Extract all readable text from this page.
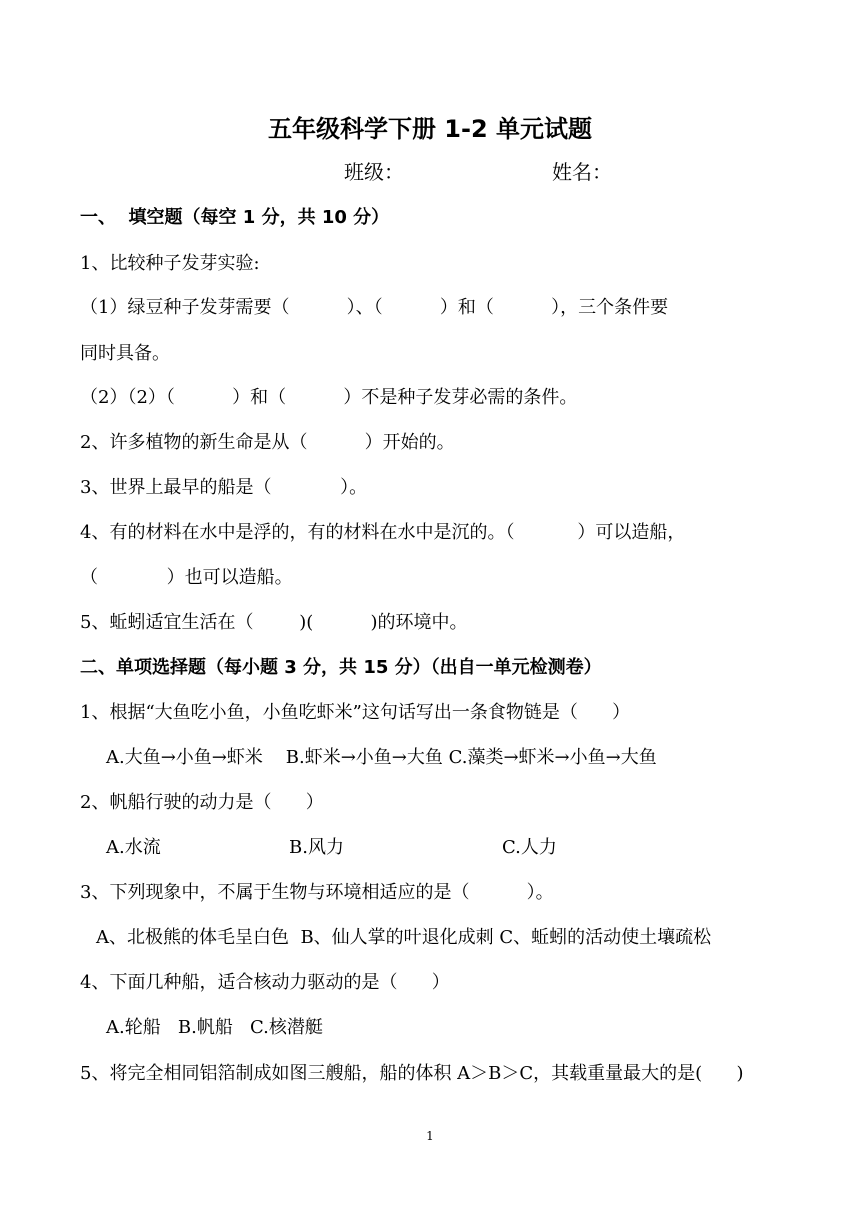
五年级科学下册 1-2 单元试题
班级：	姓名：
一、  填空题（每空 1 分，共 10 分）
1、比较种子发芽实验:
（1）绿豆种子发芽需要（          ）、（          ）和（          ），三个条件要
同时具备。
（2）（2）（          ）和（          ）不是种子发芽必需的条件。
2、许多植物的新生命是从（          ）开始的。
3、世界上最早的船是（            ）。
4、有的材料在水中是浮的，有的材料在水中是沉的。（           ）可以造船，
（            ）也可以造船。
5、蚯蚓适宜生活在（        )(          )的环境中。
二、单项选择题（每小题 3 分，共 15 分）（出自一单元检测卷）
1、根据“大鱼吃小鱼，小鱼吃虾米”这句话写出一条食物链是（      ）
A.大鱼→小鱼→虾米    B.虾米→小鱼→大鱼 C.藻类→虾米→小鱼→大鱼
2、帆船行驶的动力是（      ）
A.水流	B.风力	C.人力
3、下列现象中，不属于生物与环境相适应的是（          ）。
A、北极熊的体毛呈白色  B、仙人掌的叶退化成刺 C、蚯蚓的活动使土壤疏松
4、下面几种船，适合核动力驱动的是（      ）
A.轮船   B.帆船   C.核潜艇
5、将完全相同铝箔制成如图三艘船，船的体积 A＞B＞C，其载重量最大的是(      )
1
